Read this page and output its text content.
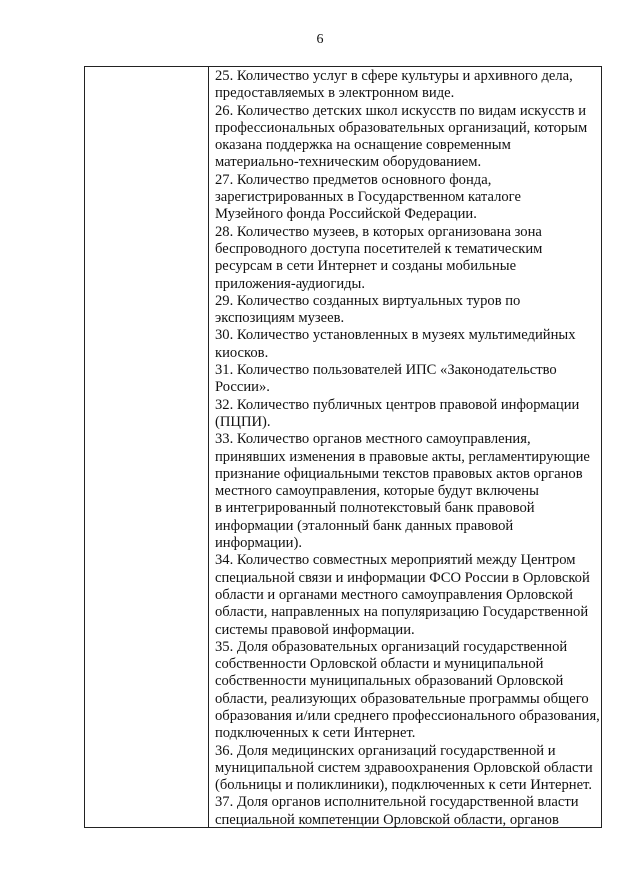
6

25. Количество услуг в сфере культуры и архивного дела,
предоставляемых в электронном виде.

26. Количество детских школ искусств по видам искусств и
профессиональных образовательных организаций, которым
оказана поддержка на оснащение современным
материально-техническим оборудованием.

27. Количество предметов основного фонда,
зарегистрированных в Государственном каталоге
Музейного фонда Российской Федерации.

28. Количество музеев, в которых организована зона
беспроводного доступа посетителей к тематическим
ресурсам в сети Интернет и созданы мобильные
приложения-аудиогиды.

29. Количество созданных виртуальных туров по
экспозициям музеев.

30. Количество установленных в музеях мультимедийных
киосков.

31. Количество пользователей ИПС «Законодательство
России».

32. Количество публичных центров правовой информации
(ПЦПИ).

33. Количество органов местного самоуправления,
принявших изменения в правовые акты, регламентирующие
признание официальными текстов правовых актов органов
местного самоуправления, которые будут включены
в интегрированный полнотекстовый банк правовой
информации (эталонный банк данных правовой
информации).

34. Количество совместных мероприятий между Центром
специальной связи и информации ФСО России в Орловской
области и органами местного самоуправления Орловской
области, направленных на популяризацию Государственной
системы правовой информации.

35. Доля образовательных организаций государственной
собственности Орловской области и муниципальной
собственности муниципальных образований Орловской
области, реализующих образовательные программы общего
образования и/или среднего профессионального образования,
подключенных к сети Интернет.

36. Доля медицинских организаций государственной и
муниципальной систем здравоохранения Орловской области
(больницы и поликлиники), подключенных к сети Интернет.

37. Доля органов исполнительной государственной власти
специальной компетенции Орловской области, органов
